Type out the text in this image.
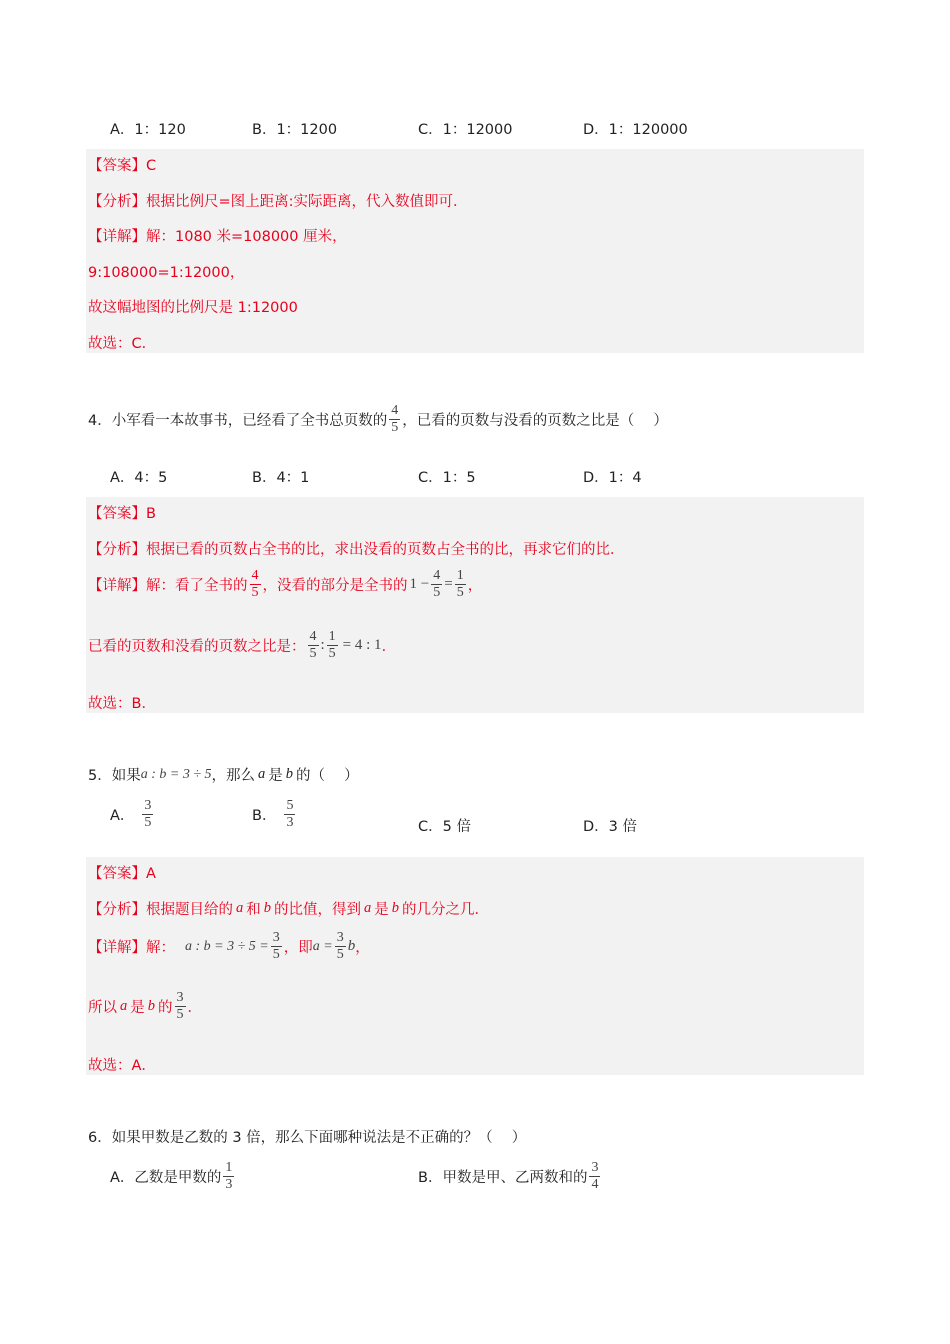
A．1：120	B．1：1200	C．1：12000	D．1：120000
【答案】C
【分析】根据比例尺=图上距离:实际距离，代入数值即可．
【详解】解：1080 米=108000 厘米，
9:108000=1:12000，
故这幅地图的比例尺是 1:12000
故选：C．
4．小军看一本故事书，已经看了全书总页数的 $\frac{4}{5}$ ，已看的页数与没看的页数之比是（　 ）
A．4：5	B．4：1	C．1：5	D．1：4
【答案】B
【分析】根据已看的页数占全书的比，求出没看的页数占全书的比，再求它们的比．
【详解】解：看了全书的 $\frac{4}{5}$ ，没看的部分是全书的 $1 - \frac{4}{5} = \frac{1}{5}$ ，
已看的页数和没看的页数之比是： $\frac{4}{5}$ : $\frac{1}{5} = 4$ : 1 ．
故选：B．
5．如果 a : b = 3 ÷ 5 ，那么 a 是 b 的（　 ）
A． $\frac{3}{5}$	B． $\frac{5}{3}$	C．5 倍	D．3 倍
【答案】A
【分析】根据题目给的 a 和 b 的比值，得到 a 是 b 的几分之几．
【详解】解： a : $b = 3 \div 5 = \frac{3}{5}$ ，即 $a = \frac{3}{5}$ b ，
所以 a 是 b 的 $\frac{3}{5}$ ．
故选：A．
6．如果甲数是乙数的 3 倍，那么下面哪种说法是不正确的？（　 ）
A．乙数是甲数的 $\frac{1}{3}$	B．甲数是甲、乙两数和的 $\frac{3}{4}$
